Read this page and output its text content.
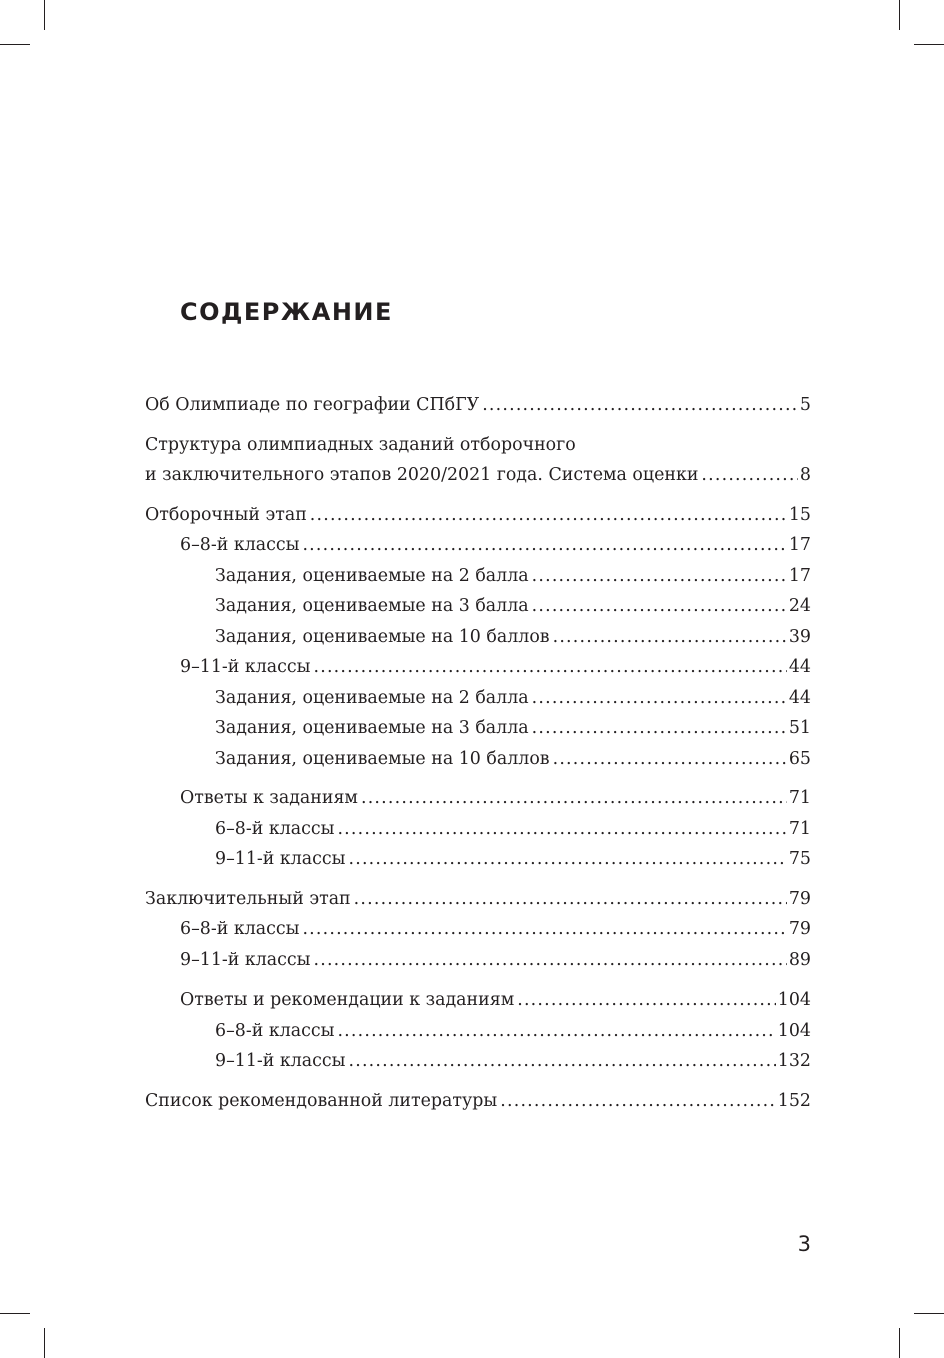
СОДЕРЖАНИЕ
Об Олимпиаде по географии СПбГУ .....	5
Структура олимпиадных заданий отборочного
и заключительного этапов 2020/2021 года. Система оценки .....	8
Отборочный этап .....	15
6–8-й классы .....	17
Задания, оцениваемые на 2 балла .....	17
Задания, оцениваемые на 3 балла .....	24
Задания, оцениваемые на 10 баллов .....	39
9–11-й классы .....	44
Задания, оцениваемые на 2 балла .....	44
Задания, оцениваемые на 3 балла .....	51
Задания, оцениваемые на 10 баллов .....	65
Ответы к заданиям .....	71
6–8-й классы .....	71
9–11-й классы .....	75
Заключительный этап .....	79
6–8-й классы .....	79
9–11-й классы .....	89
Ответы и рекомендации к заданиям .....	104
6–8-й классы .....	104
9–11-й классы .....	132
Список рекомендованной литературы .....	152
3
